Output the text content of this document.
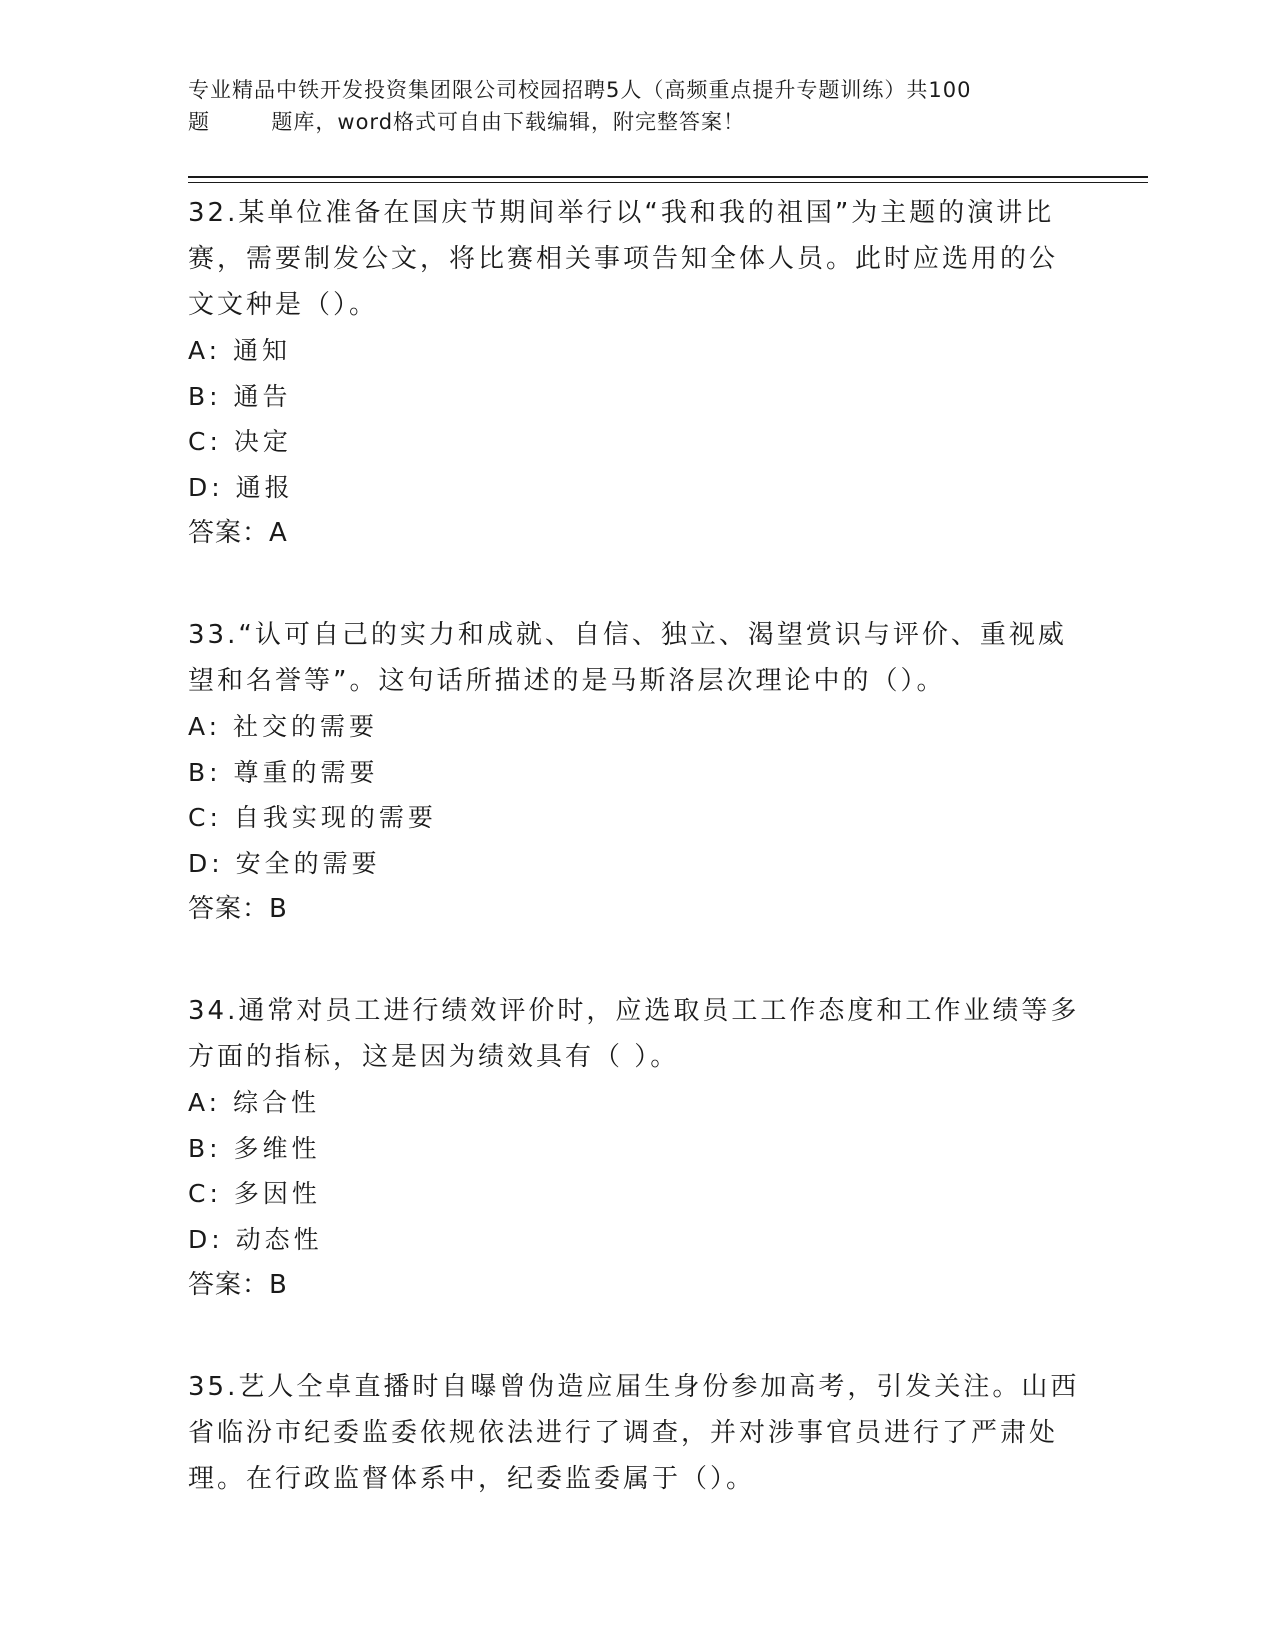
专业精品中铁开发投资集团限公司校园招聘5人（高频重点提升专题训练）共100
题        题库，word格式可自由下载编辑，附完整答案！
32.某单位准备在国庆节期间举行以“我和我的祖国”为主题的演讲比
赛，需要制发公文，将比赛相关事项告知全体人员。此时应选用的公
文文种是（）。
A: 通知
B: 通告
C: 决定
D: 通报
答案：A
33.“认可自己的实力和成就、自信、独立、渴望赏识与评价、重视威
望和名誉等”。这句话所描述的是马斯洛层次理论中的（）。
A: 社交的需要
B: 尊重的需要
C: 自我实现的需要
D: 安全的需要
答案：B
34.通常对员工进行绩效评价时，应选取员工工作态度和工作业绩等多
方面的指标，这是因为绩效具有（ ）。
A: 综合性
B: 多维性
C: 多因性
D: 动态性
答案：B
35.艺人仝卓直播时自曝曾伪造应届生身份参加高考，引发关注。山西
省临汾市纪委监委依规依法进行了调查，并对涉事官员进行了严肃处
理。在行政监督体系中，纪委监委属于（）。
